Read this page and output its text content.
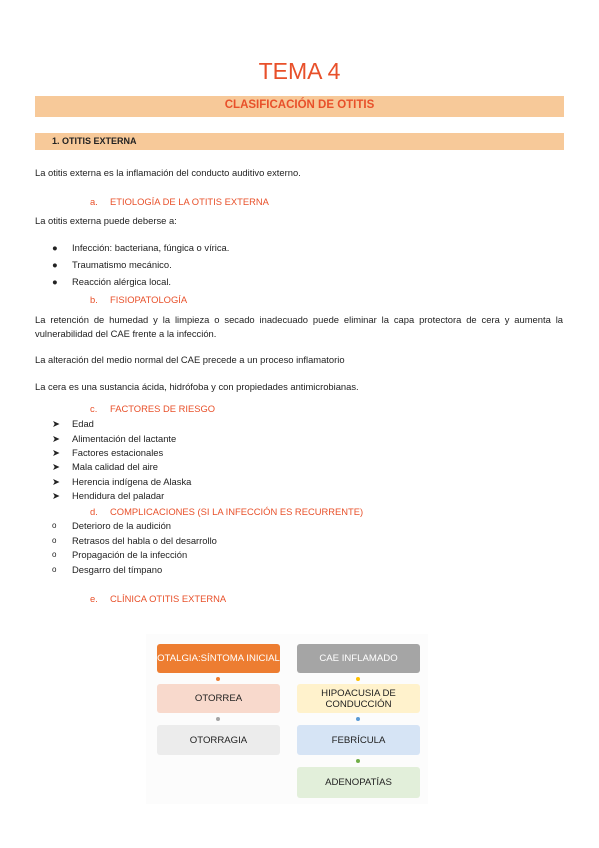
TEMA 4
CLASIFICACIÓN DE OTITIS
1. OTITIS EXTERNA
La otitis externa es la inflamación del conducto auditivo externo.
a. ETIOLOGÍA DE LA OTITIS EXTERNA
La otitis externa puede deberse a:
● Infección: bacteriana, fúngica o vírica.
● Traumatismo mecánico.
● Reacción alérgica local.
b. FISIOPATOLOGÍA
La retención de humedad y la limpieza o secado inadecuado puede eliminar la capa protectora de cera y aumenta la vulnerabilidad del CAE frente a la infección.
La alteración del medio normal del CAE precede a un proceso inflamatorio
La cera es una sustancia ácida, hidrófoba y con propiedades antimicrobianas.
c. FACTORES DE RIESGO
➤ Edad
➤ Alimentación del lactante
➤ Factores estacionales
➤ Mala calidad del aire
➤ Herencia indígena de Alaska
➤ Hendidura del paladar
d. COMPLICACIONES (SI LA INFECCIÓN ES RECURRENTE)
o Deterioro de la audición
o Retrasos del habla o del desarrollo
o Propagación de la infección
o Desgarro del tímpano
e. CLÍNICA OTITIS EXTERNA
OTALGIA:SÍNTOMA INICIAL
OTORREA
OTORRAGIA
CAE INFLAMADO
HIPOACUSIA DE CONDUCCIÓN
FEBRÍCULA
ADENOPATÍAS
